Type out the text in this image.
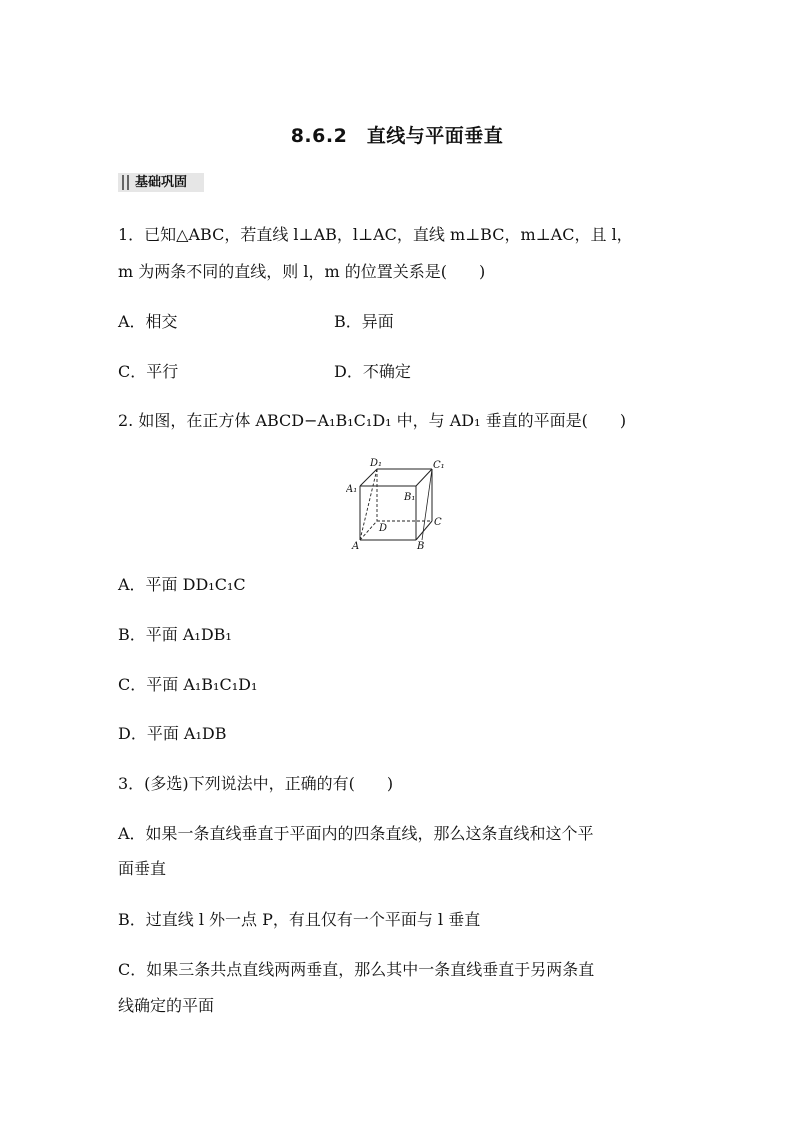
8.6.2　直线与平面垂直
基础巩固
1．已知△ABC，若直线 l⊥AB，l⊥AC，直线 m⊥BC，m⊥AC，且 l，
m 为两条不同的直线，则 l，m 的位置关系是(　　)
A．相交	B．异面
C．平行	D．不确定
2. 如图，在正方体 ABCD−A₁B₁C₁D₁ 中，与 AD₁ 垂直的平面是(　　)
D₁	C₁
A₁
B₁
D
C
A	B
A．平面 DD₁C₁C
B．平面 A₁DB₁
C．平面 A₁B₁C₁D₁
D．平面 A₁DB
3．(多选)下列说法中，正确的有(　　)
A．如果一条直线垂直于平面内的四条直线，那么这条直线和这个平
面垂直
B．过直线 l 外一点 P，有且仅有一个平面与 l 垂直
C．如果三条共点直线两两垂直，那么其中一条直线垂直于另两条直
线确定的平面
